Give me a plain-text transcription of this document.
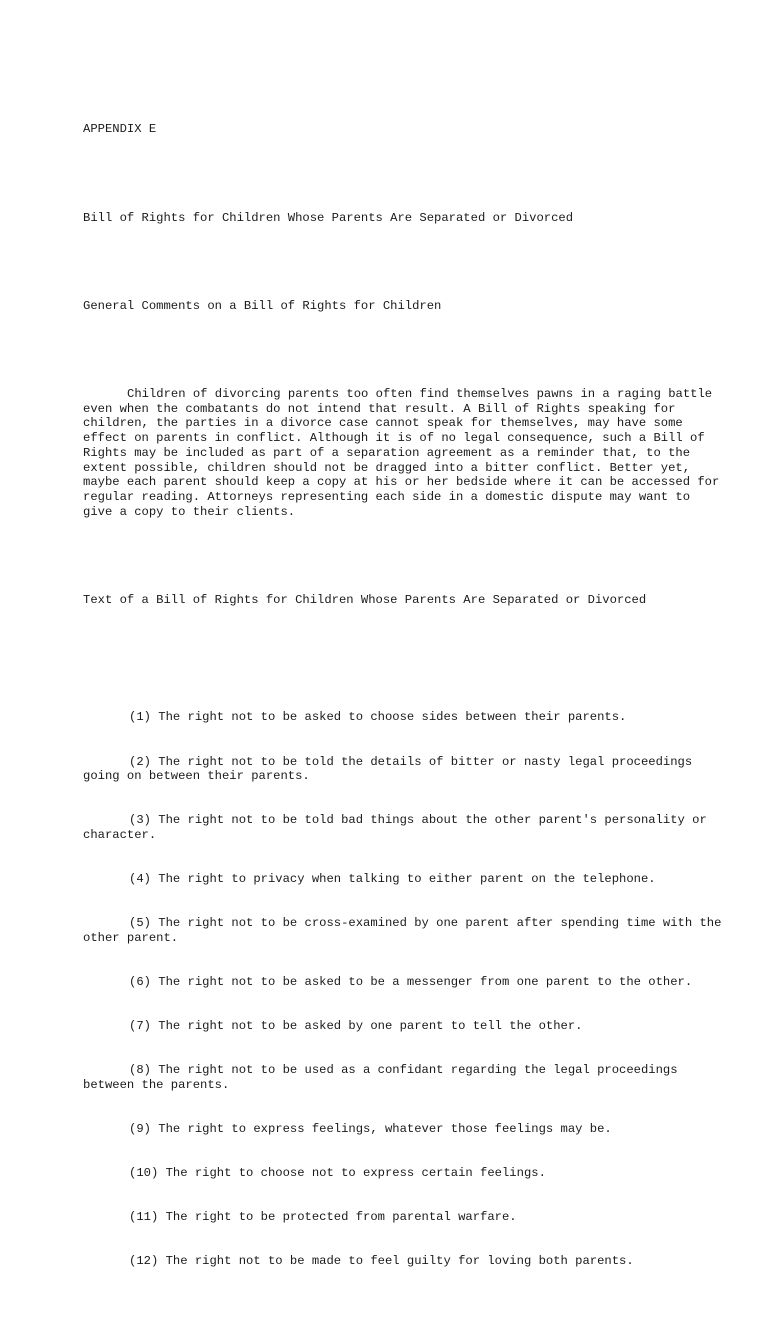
APPENDIX E

Bill of Rights for Children Whose Parents Are Separated or Divorced

General Comments on a Bill of Rights for Children

Children of divorcing parents too often find themselves pawns in a raging battle even when the combatants do not intend that result. A Bill of Rights speaking for children, the parties in a divorce case cannot speak for themselves, may have some effect on parents in conflict. Although it is of no legal consequence, such a Bill of Rights may be included as part of a separation agreement as a reminder that, to the extent possible, children should not be dragged into a bitter conflict. Better yet, maybe each parent should keep a copy at his or her bedside where it can be accessed for regular reading. Attorneys representing each side in a domestic dispute may want to give a copy to their clients.

Text of a Bill of Rights for Children Whose Parents Are Separated or Divorced

(1) The right not to be asked to choose sides between their parents.

(2) The right not to be told the details of bitter or nasty legal proceedings going on between their parents.

(3) The right not to be told bad things about the other parent's personality or character.

(4) The right to privacy when talking to either parent on the telephone.

(5) The right not to be cross-examined by one parent after spending time with the other parent.

(6) The right not to be asked to be a messenger from one parent to the other.

(7) The right not to be asked by one parent to tell the other.

(8) The right not to be used as a confidant regarding the legal proceedings between the parents.

(9) The right to express feelings, whatever those feelings may be.

(10) The right to choose not to express certain feelings.

(11) The right to be protected from parental warfare.

(12) The right not to be made to feel guilty for loving both parents.
